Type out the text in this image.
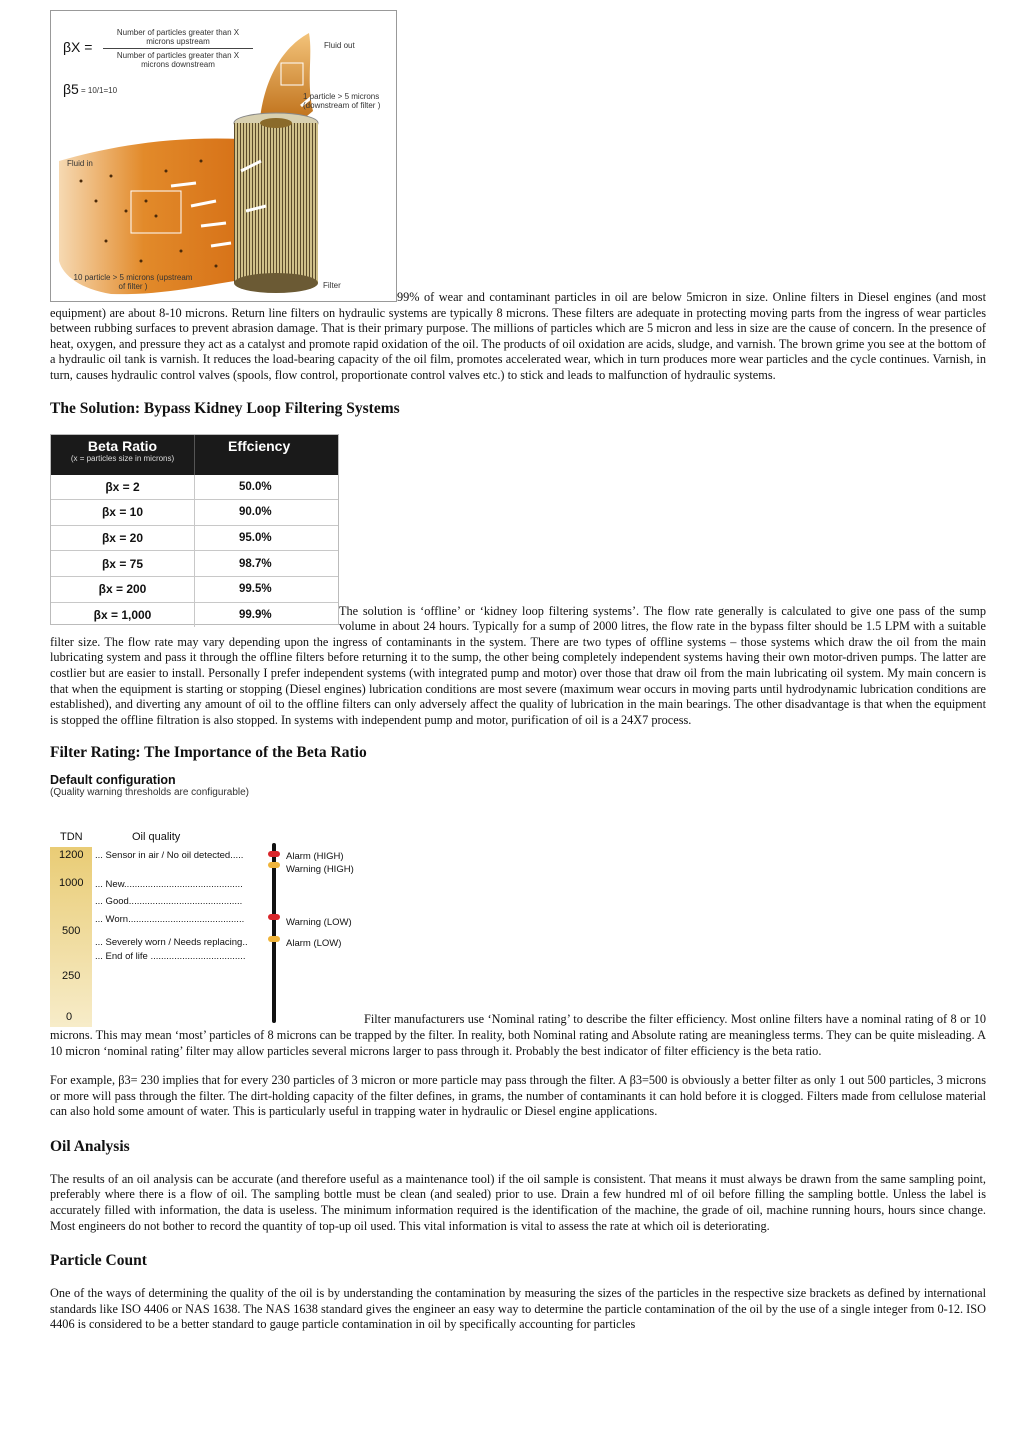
βX =
Number of particles greater than X microns upstream
Number of particles greater than X microns downstream
β5 = 10/1=10
Fluid out
1 particle > 5 microns (downstream of filter )
Fluid in
10 particle > 5 microns (upstream of filter )	Filter

99% of wear and contaminant particles in oil are below 5micron in size. Online filters in Diesel engines (and most equipment) are about 8-10 microns. Return line filters on hydraulic systems are typically 8 microns. These filters are adequate in protecting moving parts from the ingress of wear particles between rubbing surfaces to prevent abrasion damage. That is their primary purpose. The millions of particles which are 5 micron and less in size are the cause of concern. In the presence of heat, oxygen, and pressure they act as a catalyst and promote rapid oxidation of the oil. The products of oil oxidation are acids, sludge, and varnish. The brown grime you see at the bottom of a hydraulic oil tank is varnish. It reduces the load-bearing capacity of the oil film, promotes accelerated wear, which in turn produces more wear particles and the cycle continues. Varnish, in turn, causes hydraulic control valves (spools, flow control, proportionate control valves etc.) to stick and leads to malfunction of hydraulic systems.

The Solution: Bypass Kidney Loop Filtering Systems
Beta Ratio
(x = particles size in microns)	Effciency

βx = 2	50.0%
βx = 10	90.0%
βx = 20	95.0%
βx = 75	98.7%
βx = 200	99.5%
βx = 1,000	99.9%	The solution is ‘offline’ or ‘kidney loop filtering systems’. The flow rate generally is calculated to give one pass of the sump volume in about 24 hours. Typically for a sump of 2000 litres, the flow rate in the bypass filter should be 1.5 LPM with a suitable filter size. The flow rate may vary depending upon the ingress of contaminants in the system. There are two types of offline systems – those systems which draw the oil from the main lubricating system and pass it through the offline filters before returning it to the sump, the other being completely independent systems having their own motor-driven pumps. The latter are costlier but are easier to install. Personally I prefer independent systems (with integrated pump and motor) over those that draw oil from the main lubricating oil system. My main concern is that when the equipment is starting or stopping (Diesel engines) lubrication conditions are most severe (maximum wear occurs in moving parts until hydrodynamic lubrication conditions are established), and diverting any amount of oil to the offline filters can only adversely affect the quality of lubrication in the main bearings. The other disadvantage is that when the equipment is stopped the offline filtration is also stopped. In systems with independent pump and motor, purification of oil is a 24X7 process.

Filter Rating: The Importance of the Beta Ratio
Default configuration
(Quality warning thresholds are configurable)
TDN	Oil quality
1200
1000
500
250
0
... Sensor in air / No oil detected.....
... New.............................................
... Good...........................................
... Worn............................................
... Severely worn / Needs replacing..
... End of life ....................................
Alarm (HIGH)
Warning (HIGH)
Warning (LOW)
Alarm (LOW)

Filter manufacturers use ‘Nominal rating’ to describe the filter efficiency. Most online filters have a nominal rating of 8 or 10 microns. This may mean ‘most’ particles of 8 microns can be trapped by the filter. In reality, both Nominal rating and Absolute rating are meaningless terms. They can be quite misleading. A 10 micron ‘nominal rating’ filter may allow particles several microns larger to pass through it. Probably the best indicator of filter efficiency is the beta ratio.

For example, β3= 230 implies that for every 230 particles of 3 micron or more particle may pass through the filter. A β3=500 is obviously a better filter as only 1 out 500 particles, 3 microns or more will pass through the filter. The dirt-holding capacity of the filter defines, in grams, the number of contaminants it can hold before it is clogged. Filters made from cellulose material can also hold some amount of water. This is particularly useful in trapping water in hydraulic or Diesel engine applications.

Oil Analysis

The results of an oil analysis can be accurate (and therefore useful as a maintenance tool) if the oil sample is consistent. That means it must always be drawn from the same sampling point, preferably where there is a flow of oil. The sampling bottle must be clean (and sealed) prior to use. Drain a few hundred ml of oil before filling the sampling bottle. Unless the label is accurately filled with information, the data is useless. The minimum information required is the identification of the machine, the grade of oil, machine running hours, hours since change. Most engineers do not bother to record the quantity of top-up oil used. This vital information is vital to assess the rate at which oil is deteriorating.

Particle Count

One of the ways of determining the quality of the oil is by understanding the contamination by measuring the sizes of the particles in the respective size brackets as defined by international standards like ISO 4406 or NAS 1638. The NAS 1638 standard gives the engineer an easy way to determine the particle contamination of the oil by the use of a single integer from 0-12. ISO 4406 is considered to be a better standard to gauge particle contamination in oil by specifically accounting for particles
